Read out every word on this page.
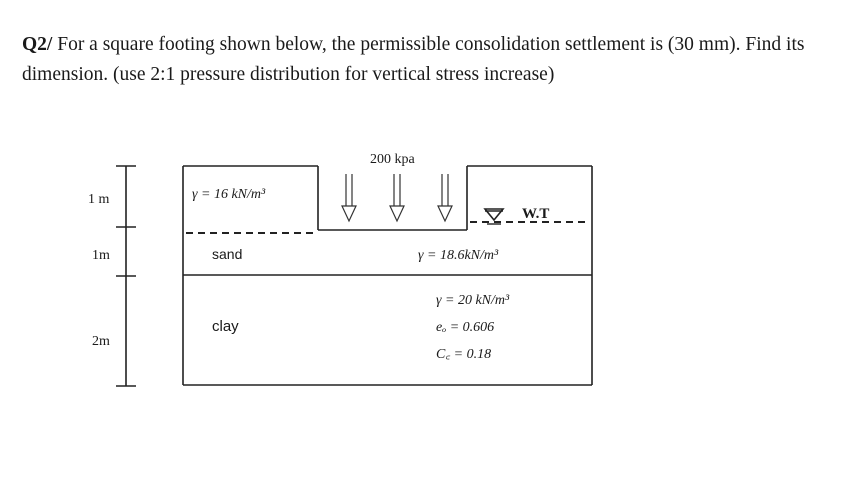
Q2/ For a square footing shown below, the permissible consolidation settlement is (30 mm). Find its dimension. (use 2:1 pressure distribution for vertical stress increase)
W.T
200 kpa
1 m
1m
2m
sand
clay
γ = 16 kN/m³
γ = 18.6kN/m³
γ = 20 kN/m³
eₒ = 0.606
C꜀ = 0.18
